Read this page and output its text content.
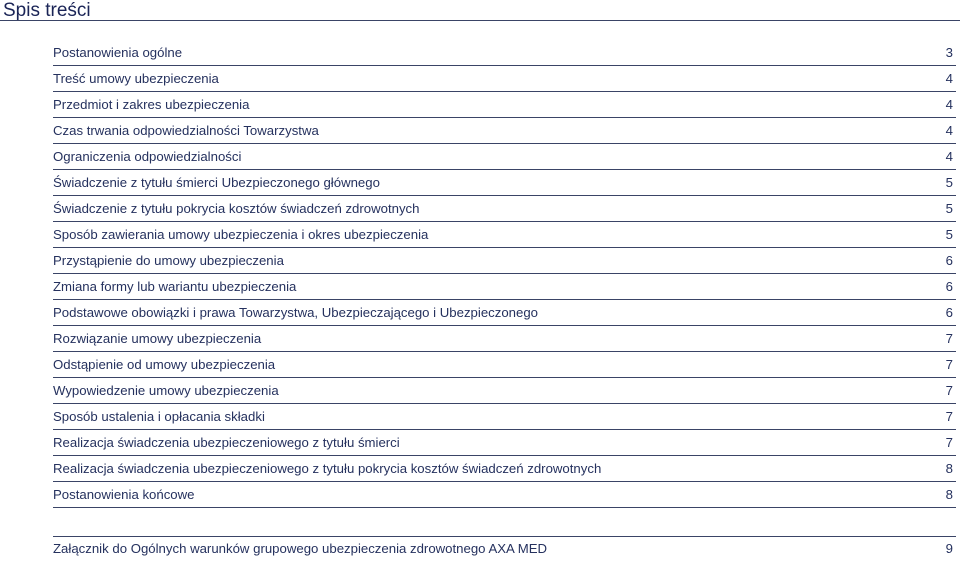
Spis treści
Postanowienia ogólne	3
Treść umowy ubezpieczenia	4
Przedmiot i zakres ubezpieczenia	4
Czas trwania odpowiedzialności Towarzystwa	4
Ograniczenia odpowiedzialności	4
Świadczenie z tytułu śmierci Ubezpieczonego głównego	5
Świadczenie z tytułu pokrycia kosztów świadczeń zdrowotnych	5
Sposób zawierania umowy ubezpieczenia i okres ubezpieczenia	5
Przystąpienie do umowy ubezpieczenia	6
Zmiana formy lub wariantu ubezpieczenia	6
Podstawowe obowiązki i prawa Towarzystwa, Ubezpieczającego i Ubezpieczonego	6
Rozwiązanie umowy ubezpieczenia	7
Odstąpienie od umowy ubezpieczenia	7
Wypowiedzenie umowy ubezpieczenia	7
Sposób ustalenia i opłacania składki	7
Realizacja świadczenia ubezpieczeniowego z tytułu śmierci	7
Realizacja świadczenia ubezpieczeniowego z tytułu pokrycia kosztów świadczeń zdrowotnych	8
Postanowienia końcowe	8
Załącznik do Ogólnych warunków grupowego ubezpieczenia zdrowotnego AXA MED	9
